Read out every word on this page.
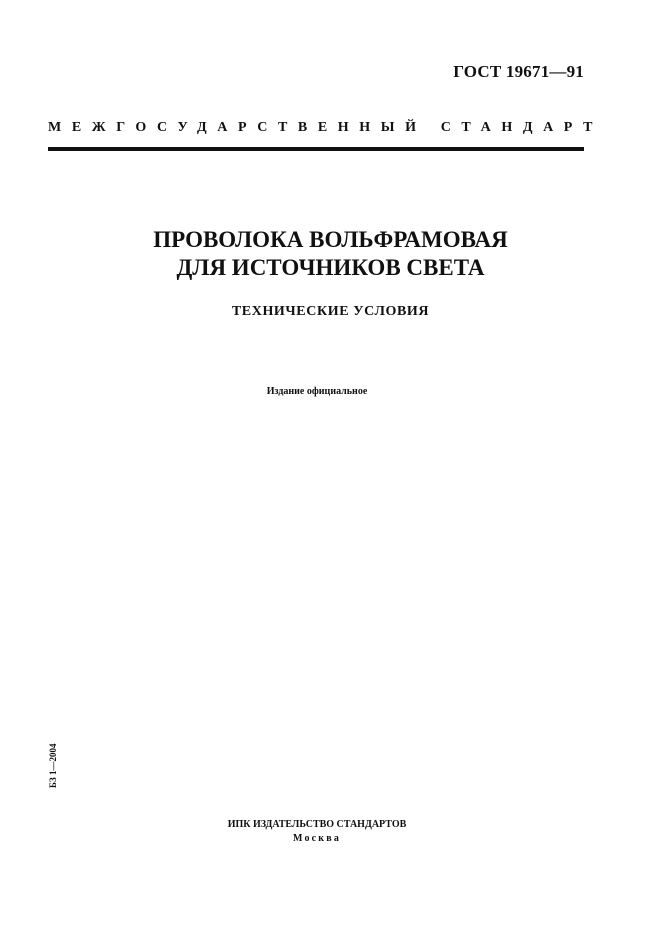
ГОСТ 19671—91
МЕЖГОСУДАРСТВЕННЫЙ СТАНДАРТ
ПРОВОЛОКА ВОЛЬФРАМОВАЯ
ДЛЯ ИСТОЧНИКОВ СВЕТА
ТЕХНИЧЕСКИЕ УСЛОВИЯ
Издание официальное
БЗ 1—2004
ИПК ИЗДАТЕЛЬСТВО СТАНДАРТОВ
Москва
